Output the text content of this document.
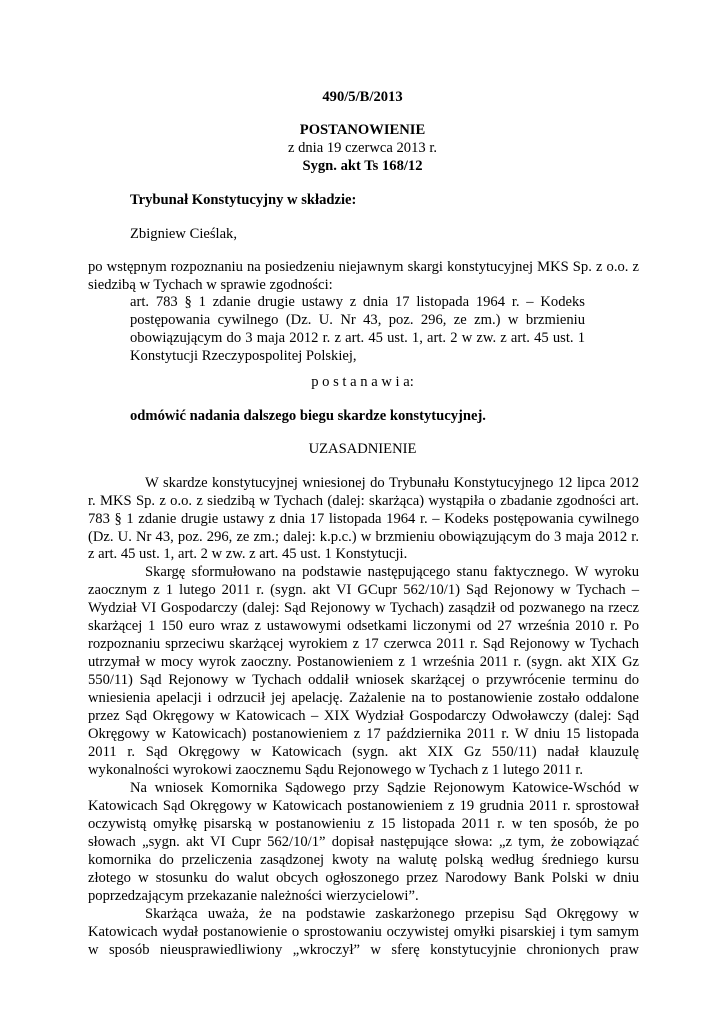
490/5/B/2013
POSTANOWIENIE
z dnia 19 czerwca 2013 r.
Sygn. akt Ts 168/12
Trybunał Konstytucyjny w składzie:
Zbigniew Cieślak,
po wstępnym rozpoznaniu na posiedzeniu niejawnym skargi konstytucyjnej MKS Sp. z o.o. z
siedzibą w Tychach w sprawie zgodności:
art. 783 § 1 zdanie drugie ustawy z dnia 17 listopada 1964 r. – Kodeks
postępowania cywilnego (Dz. U. Nr 43, poz. 296, ze zm.) w brzmieniu
obowiązującym do 3 maja 2012 r. z art. 45 ust. 1, art. 2 w zw. z art. 45 ust. 1
Konstytucji Rzeczypospolitej Polskiej,
p o s t a n a w i a:
odmówić nadania dalszego biegu skardze konstytucyjnej.
UZASADNIENIE
W skardze konstytucyjnej wniesionej do Trybunału Konstytucyjnego 12 lipca 2012
r. MKS Sp. z o.o. z siedzibą w Tychach (dalej: skarżąca) wystąpiła o zbadanie zgodności art.
783 § 1 zdanie drugie ustawy z dnia 17 listopada 1964 r. – Kodeks postępowania cywilnego
(Dz. U. Nr 43, poz. 296, ze zm.; dalej: k.p.c.) w brzmieniu obowiązującym do 3 maja 2012 r.
z art. 45 ust. 1, art. 2 w zw. z art. 45 ust. 1 Konstytucji.
Skargę sformułowano na podstawie następującego stanu faktycznego. W wyroku
zaocznym z 1 lutego 2011 r. (sygn. akt VI GCupr 562/10/1) Sąd Rejonowy w Tychach –
Wydział VI Gospodarczy (dalej: Sąd Rejonowy w Tychach) zasądził od pozwanego na rzecz
skarżącej 1 150 euro wraz z ustawowymi odsetkami liczonymi od 27 września 2010 r. Po
rozpoznaniu sprzeciwu skarżącej wyrokiem z 17 czerwca 2011 r. Sąd Rejonowy w Tychach
utrzymał w mocy wyrok zaoczny. Postanowieniem z 1 września 2011 r. (sygn. akt XIX Gz
550/11) Sąd Rejonowy w Tychach oddalił wniosek skarżącej o przywrócenie terminu do
wniesienia apelacji i odrzucił jej apelację. Zażalenie na to postanowienie zostało oddalone
przez Sąd Okręgowy w Katowicach – XIX Wydział Gospodarczy Odwoławczy (dalej: Sąd
Okręgowy w Katowicach) postanowieniem z 17 października 2011 r. W dniu 15 listopada
2011 r. Sąd Okręgowy w Katowicach (sygn. akt XIX Gz 550/11) nadał klauzulę
wykonalności wyrokowi zaocznemu Sądu Rejonowego w Tychach z 1 lutego 2011 r.
Na wniosek Komornika Sądowego przy Sądzie Rejonowym Katowice-Wschód w
Katowicach Sąd Okręgowy w Katowicach postanowieniem z 19 grudnia 2011 r. sprostował
oczywistą omyłkę pisarską w postanowieniu z 15 listopada 2011 r. w ten sposób, że po
słowach „sygn. akt VI Cupr 562/10/1” dopisał następujące słowa: „z tym, że zobowiązać
komornika do przeliczenia zasądzonej kwoty na walutę polską według średniego kursu
złotego w stosunku do walut obcych ogłoszonego przez Narodowy Bank Polski w dniu
poprzedzającym przekazanie należności wierzycielowi”.
Skarżąca uważa, że na podstawie zaskarżonego przepisu Sąd Okręgowy w
Katowicach wydał postanowienie o sprostowaniu oczywistej omyłki pisarskiej i tym samym
w sposób nieusprawiedliwiony „wkroczył” w sferę konstytucyjnie chronionych praw
